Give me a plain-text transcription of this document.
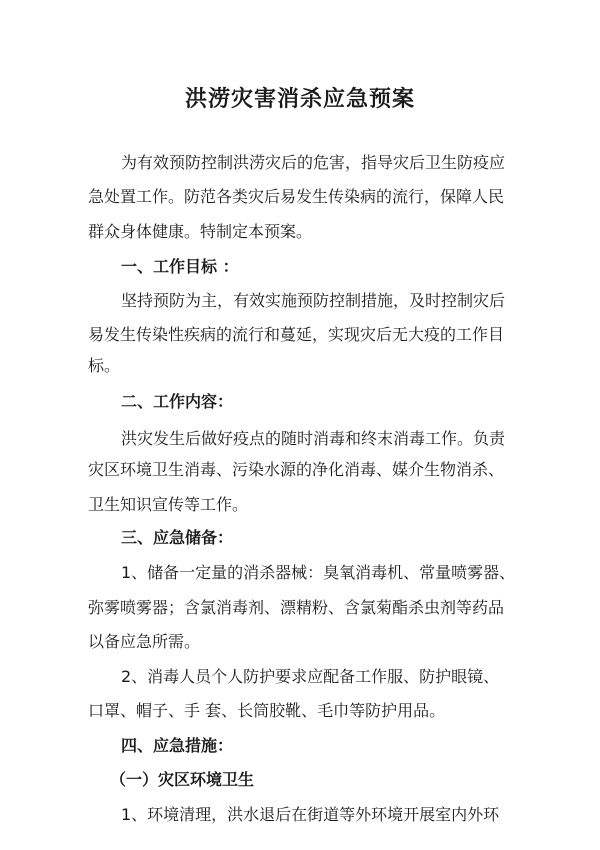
洪涝灾害消杀应急预案

为有效预防控制洪涝灾后的危害，指导灾后卫生防疫应

急处置工作。防范各类灾后易发生传染病的流行，保障人民

群众身体健康。特制定本预案。

一、工作目标 ：

坚持预防为主，有效实施预防控制措施，及时控制灾后

易发生传染性疾病的流行和蔓延，实现灾后无大疫的工作目

标。

二、工作内容：

洪灾发生后做好疫点的随时消毒和终末消毒工作。负责

灾区环境卫生消毒、污染水源的净化消毒、媒介生物消杀、

卫生知识宣传等工作。

三、应急储备：

1、储备一定量的消杀器械：臭氧消毒机、常量喷雾器、

弥雾喷雾器；含氯消毒剂、漂精粉、含氯菊酯杀虫剂等药品

以备应急所需。

2、消毒人员个人防护要求应配备工作服、防护眼镜、

口罩、帽子、手 套、长筒胶靴、毛巾等防护用品。

四、应急措施：

（一）灾区环境卫生

1、环境清理，洪水退后在街道等外环境开展室内外环
